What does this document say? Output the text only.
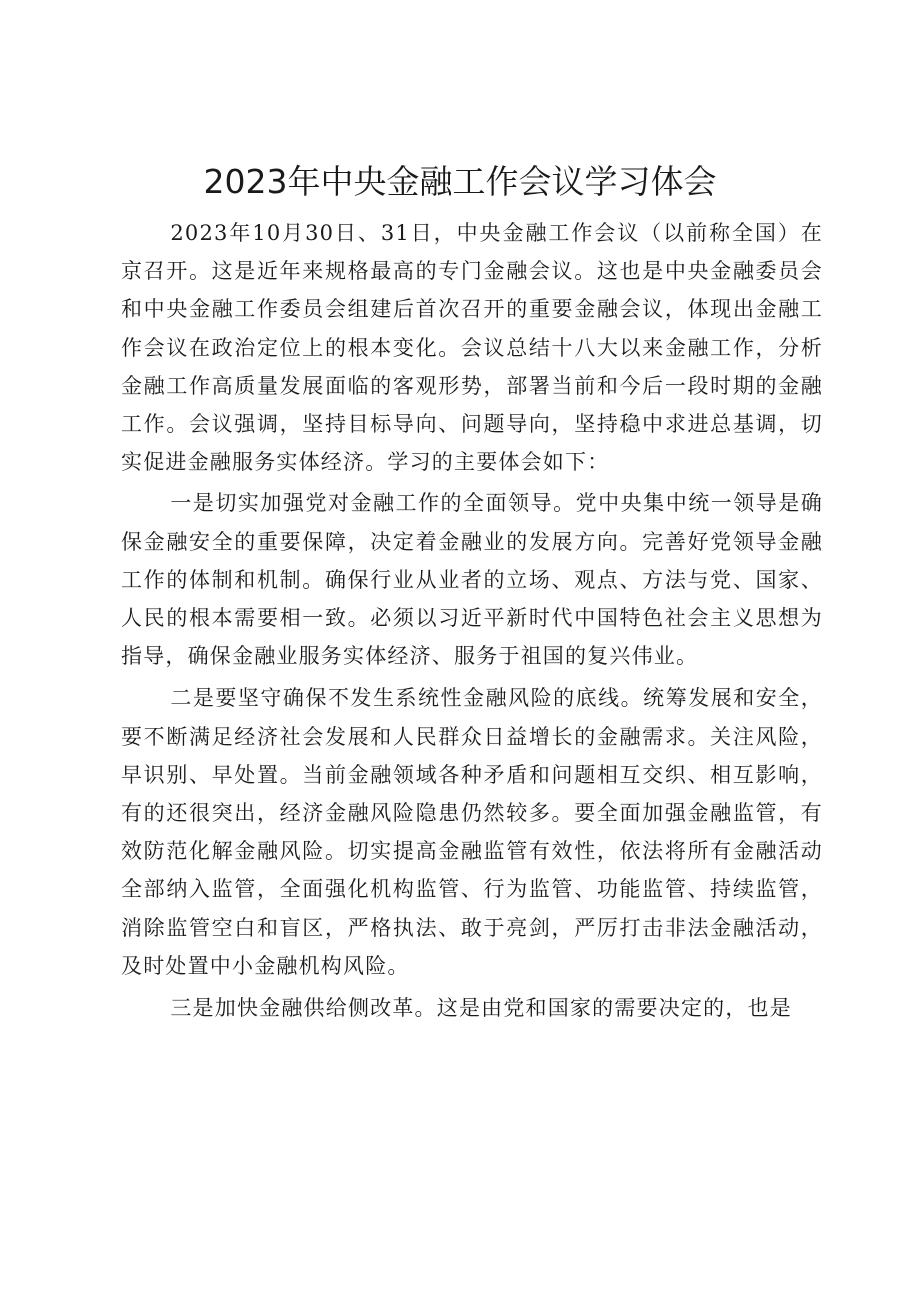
2023年中央金融工作会议学习体会

2023年10月30日、31日，中央金融工作会议（以前称全国）在京召开。这是近年来规格最高的专门金融会议。这也是中央金融委员会和中央金融工作委员会组建后首次召开的重要金融会议，体现出金融工作会议在政治定位上的根本变化。会议总结十八大以来金融工作，分析金融工作高质量发展面临的客观形势，部署当前和今后一段时期的金融工作。会议强调，坚持目标导向、问题导向，坚持稳中求进总基调，切实促进金融服务实体经济。学习的主要体会如下：

一是切实加强党对金融工作的全面领导。党中央集中统一领导是确保金融安全的重要保障，决定着金融业的发展方向。完善好党领导金融工作的体制和机制。确保行业从业者的立场、观点、方法与党、国家、人民的根本需要相一致。必须以习近平新时代中国特色社会主义思想为指导，确保金融业服务实体经济、服务于祖国的复兴伟业。

二是要坚守确保不发生系统性金融风险的底线。统筹发展和安全，要不断满足经济社会发展和人民群众日益增长的金融需求。关注风险，早识别、早处置。当前金融领域各种矛盾和问题相互交织、相互影响，有的还很突出，经济金融风险隐患仍然较多。要全面加强金融监管，有效防范化解金融风险。切实提高金融监管有效性，依法将所有金融活动全部纳入监管，全面强化机构监管、行为监管、功能监管、持续监管，消除监管空白和盲区，严格执法、敢于亮剑，严厉打击非法金融活动，及时处置中小金融机构风险。

三是加快金融供给侧改革。这是由党和国家的需要决定的，也是
